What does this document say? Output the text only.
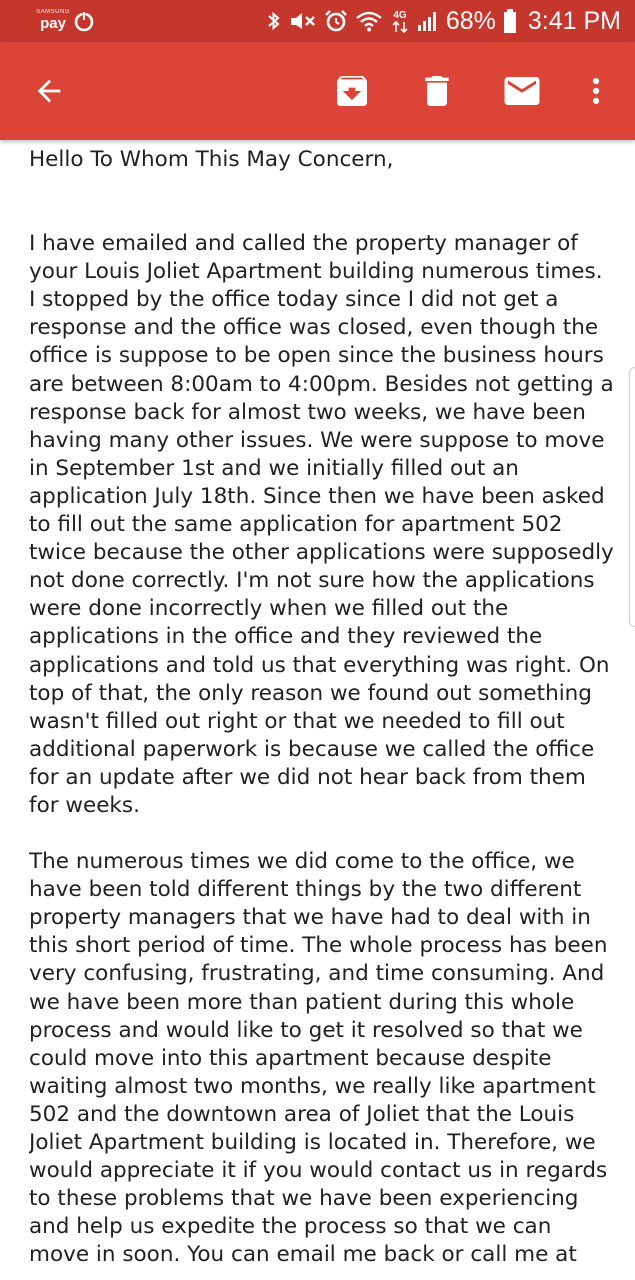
SAMSUNG
pay	4G 68% 3:41 PM

Hello To Whom This May Concern,

I have emailed and called the property manager of your Louis Joliet Apartment building numerous times. I stopped by the office today since I did not get a response and the office was closed, even though the office is suppose to be open since the business hours are between 8:00am to 4:00pm. Besides not getting a response back for almost two weeks, we have been having many other issues. We were suppose to move in September 1st and we initially filled out an application July 18th. Since then we have been asked to fill out the same application for apartment 502 twice because the other applications were supposedly not done correctly. I'm not sure how the applications were done incorrectly when we filled out the applications in the office and they reviewed the applications and told us that everything was right. On top of that, the only reason we found out something wasn't filled out right or that we needed to fill out additional paperwork is because we called the office for an update after we did not hear back from them for weeks.

The numerous times we did come to the office, we have been told different things by the two different property managers that we have had to deal with in this short period of time. The whole process has been very confusing, frustrating, and time consuming. And we have been more than patient during this whole process and would like to get it resolved so that we could move into this apartment because despite waiting almost two months, we really like apartment 502 and the downtown area of Joliet that the Louis Joliet Apartment building is located in. Therefore, we would appreciate it if you would contact us in regards to these problems that we have been experiencing and help us expedite the process so that we can move in soon. You can email me back or call me at
